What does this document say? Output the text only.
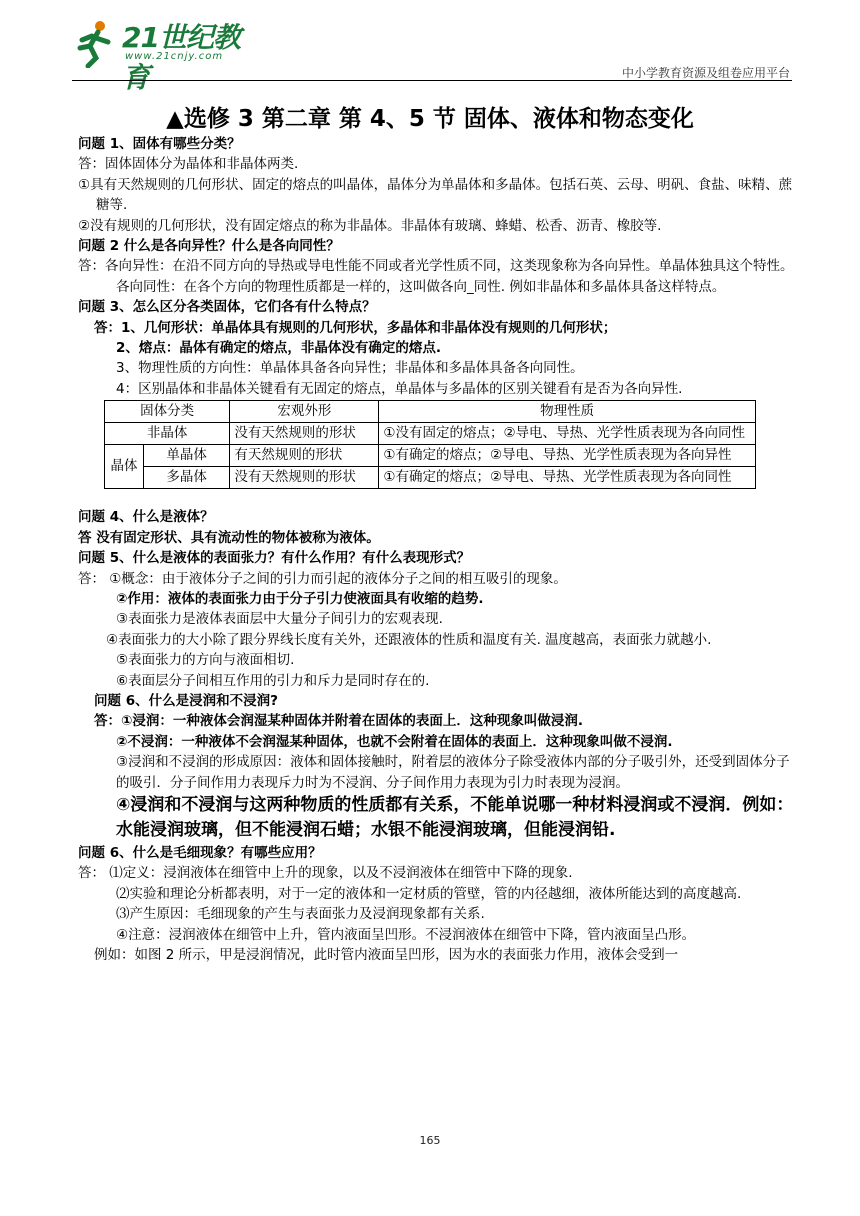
21世纪教育
www.21cnjy.com
中小学教育资源及组卷应用平台
▲选修 3 第二章 第 4、5 节 固体、液体和物态变化

问题 1、固体有哪些分类？

答：固体固体分为晶体和非晶体两类.

①具有天然规则的几何形状、固定的熔点的叫晶体，晶体分为单晶体和多晶体。包括石英、云母、明矾、食盐、味精、蔗糖等.

②没有规则的几何形状，没有固定熔点的称为非晶体。非晶体有玻璃、蜂蜡、松香、沥青、橡胶等.

问题 2 什么是各向异性？什么是各向同性？

答：各向异性：在沿不同方向的导热或导电性能不同或者光学性质不同，这类现象称为各向异性。单晶体独具这个特性。

各向同性：在各个方向的物理性质都是一样的，这叫做各向_同性. 例如非晶体和多晶体具备这样特点。

问题 3、怎么区分各类固体，它们各有什么特点？

答：1、几何形状：单晶体具有规则的几何形状，多晶体和非晶体没有规则的几何形状；

2、熔点：晶体有确定的熔点，非晶体没有确定的熔点.

3、物理性质的方向性：单晶体具备各向异性；非晶体和多晶体具备各向同性。

4：区别晶体和非晶体关键看有无固定的熔点，单晶体与多晶体的区别关键看有是否为各向异性.

固体分类		宏观外形	物理性质
非晶体		没有天然规则的形状	①没有固定的熔点；②导电、导热、光学性质表现为各向同性
晶体	单晶体	有天然规则的形状	①有确定的熔点；②导电、导热、光学性质表现为各向异性
	多晶体	没有天然规则的形状	①有确定的熔点；②导电、导热、光学性质表现为各向同性

问题 4、什么是液体？

答 没有固定形状、具有流动性的物体被称为液体。

问题 5、什么是液体的表面张力？有什么作用？有什么表现形式？

答： ①概念：由于液体分子之间的引力而引起的液体分子之间的相互吸引的现象。

②作用：液体的表面张力由于分子引力使液面具有收缩的趋势.

③表面张力是液体表面层中大量分子间引力的宏观表现.

④表面张力的大小除了跟分界线长度有关外，还跟液体的性质和温度有关. 温度越高，表面张力就越小.

⑤表面张力的方向与液面相切.

⑥表面层分子间相互作用的引力和斥力是同时存在的.

问题 6、什么是浸润和不浸润?

答：①浸润：一种液体会润湿某种固体并附着在固体的表面上．这种现象叫做浸润.

②不浸润：一种液体不会润湿某种固体，也就不会附着在固体的表面上．这种现象叫做不浸润.

③浸润和不浸润的形成原因：液体和固体接触时，附着层的液体分子除受液体内部的分子吸引外，还受到固体分子的吸引．分子间作用力表现斥力时为不浸润、分子间作用力表现为引力时表现为浸润。

④浸润和不浸润与这两种物质的性质都有关系，不能单说哪一种材料浸润或不浸润．例如：水能浸润玻璃，但不能浸润石蜡；水银不能浸润玻璃，但能浸润铅.

问题 6、什么是毛细现象？有哪些应用？

答： ⑴定义：浸润液体在细管中上升的现象，以及不浸润液体在细管中下降的现象.

⑵实验和理论分析都表明，对于一定的液体和一定材质的管壁，管的内径越细，液体所能达到的高度越高.

⑶产生原因：毛细现象的产生与表面张力及浸润现象都有关系.

④注意：浸润液体在细管中上升，管内液面呈凹形。不浸润液体在细管中下降，管内液面呈凸形。

例如：如图 2 所示，甲是浸润情况，此时管内液面呈凹形，因为水的表面张力作用，液体会受到一

165
